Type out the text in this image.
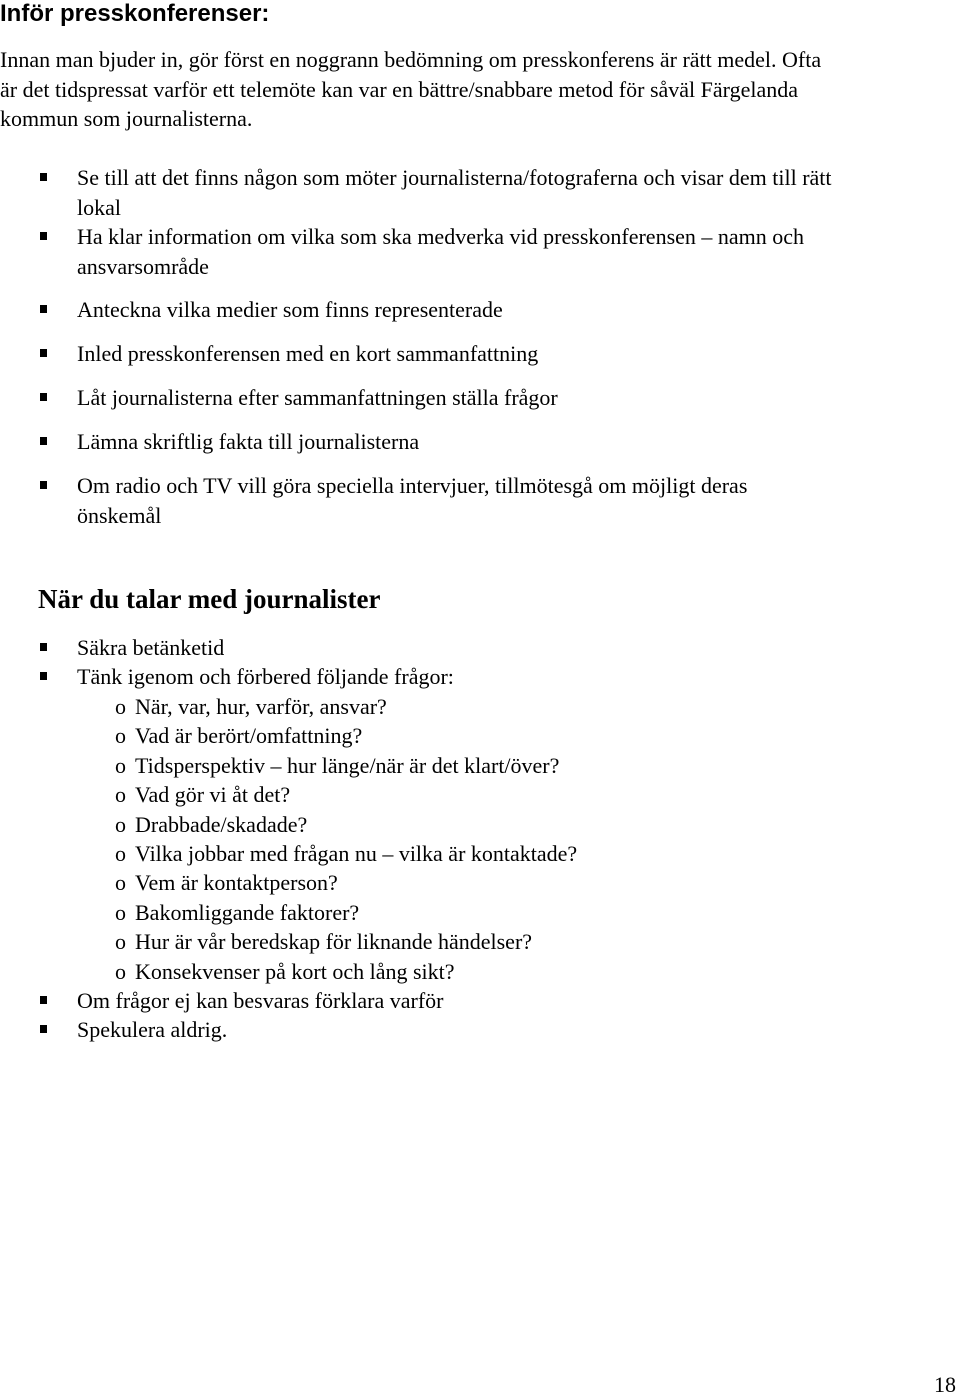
Inför presskonferenser:

Innan man bjuder in, gör först en noggrann bedömning om presskonferens är rätt medel. Ofta
är det tidspressat varför ett telemöte kan var en bättre/snabbare metod för såväl Färgelanda
kommun som journalisterna.

Se till att det finns någon som möter journalisterna/fotograferna och visar dem till rätt
lokal
Ha klar information om vilka som ska medverka vid presskonferensen – namn och
ansvarsområde
Anteckna vilka medier som finns representerade
Inled presskonferensen med en kort sammanfattning
Låt journalisterna efter sammanfattningen ställa frågor
Lämna skriftlig fakta till journalisterna
Om radio och TV vill göra speciella intervjuer, tillmötesgå om möjligt deras
önskemål
När du talar med journalister
Säkra betänketid
Tänk igenom och förbered följande frågor:
o När, var, hur, varför, ansvar?
o Vad är berört/omfattning?
o Tidsperspektiv – hur länge/när är det klart/över?
o Vad gör vi åt det?
o Drabbade/skadade?
o Vilka jobbar med frågan nu – vilka är kontaktade?
o Vem är kontaktperson?
o Bakomliggande faktorer?
o Hur är vår beredskap för liknande händelser?
o Konsekvenser på kort och lång sikt?
Om frågor ej kan besvaras förklara varför
Spekulera aldrig.
18
